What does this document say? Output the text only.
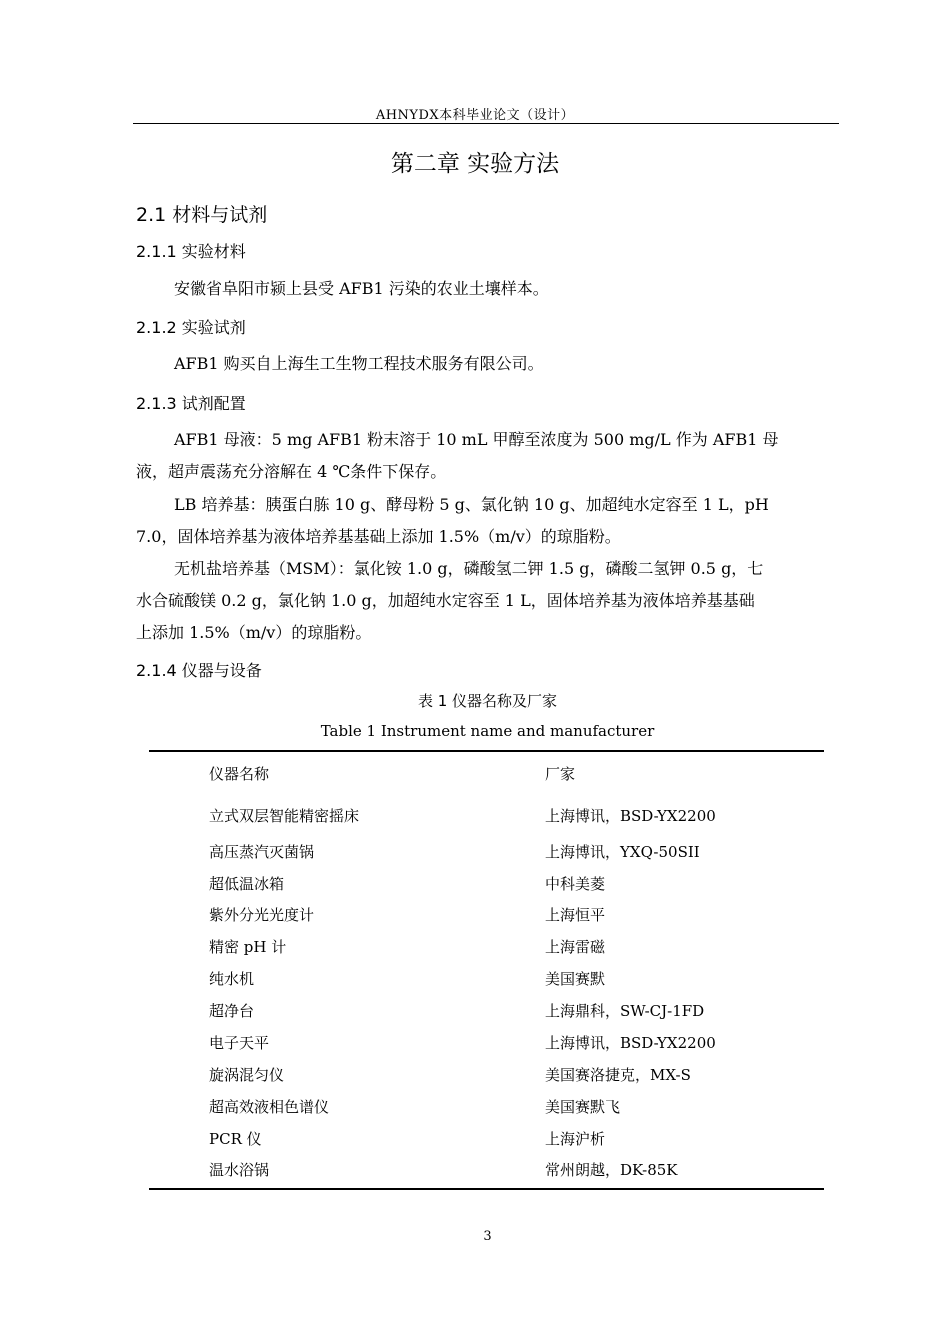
AHNYDX本科毕业论文（设计）
第二章 实验方法
2.1 材料与试剂
2.1.1 实验材料
安徽省阜阳市颍上县受 AFB1 污染的农业土壤样本。
2.1.2 实验试剂
AFB1 购买自上海生工生物工程技术服务有限公司。
2.1.3 试剂配置
AFB1 母液：5 mg AFB1 粉末溶于 10 mL 甲醇至浓度为 500 mg/L 作为 AFB1 母
液，超声震荡充分溶解在 4 ℃条件下保存。
LB 培养基：胰蛋白胨 10 g、酵母粉 5 g、氯化钠 10 g、加超纯水定容至 1 L，pH
7.0，固体培养基为液体培养基基础上添加 1.5%（m/v）的琼脂粉。
无机盐培养基（MSM）：氯化铵 1.0 g，磷酸氢二钾 1.5 g，磷酸二氢钾 0.5 g，七
水合硫酸镁 0.2 g，氯化钠 1.0 g，加超纯水定容至 1 L，固体培养基为液体培养基基础
上添加 1.5%（m/v）的琼脂粉。
2.1.4 仪器与设备
表 1 仪器名称及厂家
Table 1 Instrument name and manufacturer
仪器名称	厂家
立式双层智能精密摇床	上海博讯，BSD-YX2200
高压蒸汽灭菌锅	上海博讯，YXQ-50SII
超低温冰箱	中科美菱
紫外分光光度计	上海恒平
精密 pH 计	上海雷磁
纯水机	美国赛默
超净台	上海鼎科，SW-CJ-1FD
电子天平	上海博讯，BSD-YX2200
旋涡混匀仪	美国赛洛捷克，MX-S
超高效液相色谱仪	美国赛默飞
PCR 仪	上海沪析
温水浴锅	常州朗越，DK-85K
3
